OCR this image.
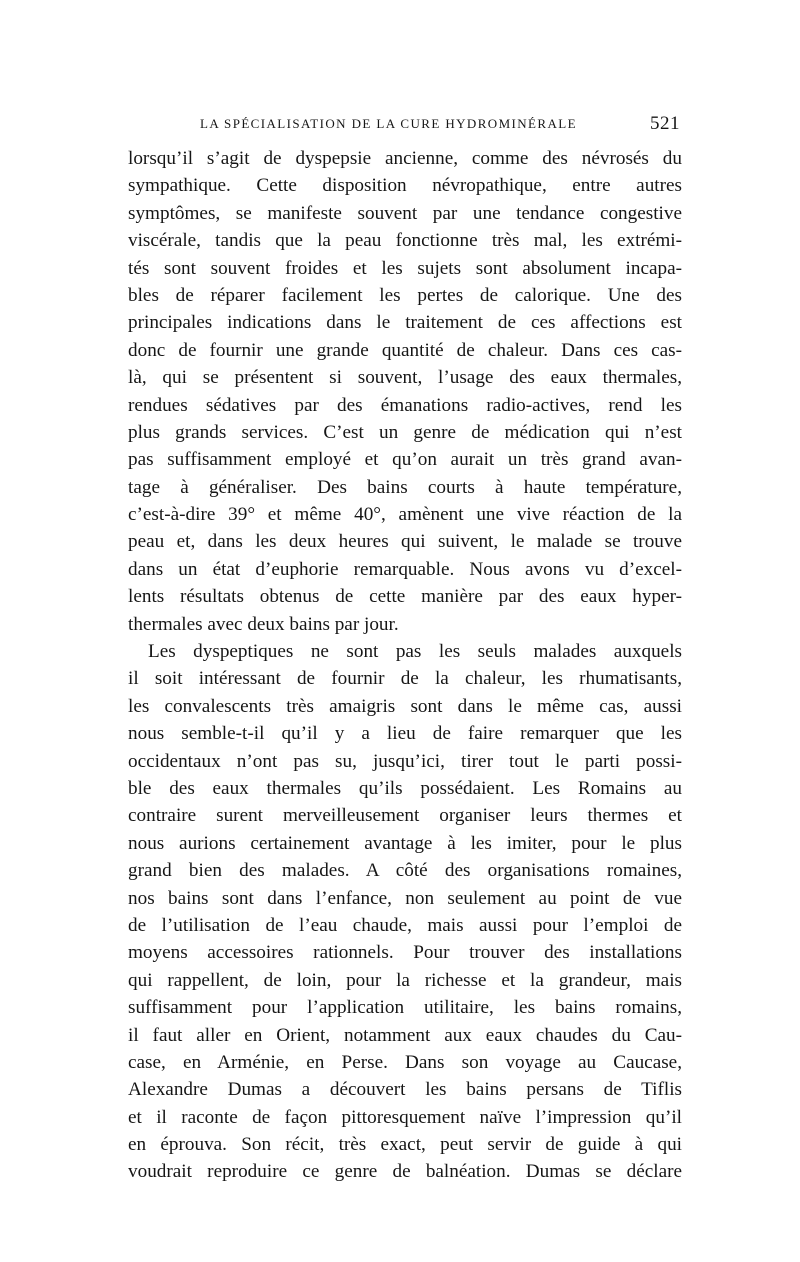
LA SPÉCIALISATION DE LA CURE HYDROMINÉRALE	521
lorsqu’il s’agit de dyspepsie ancienne, comme des névrosés du
sympathique. Cette disposition névropathique, entre autres
symptômes, se manifeste souvent par une tendance congestive
viscérale, tandis que la peau fonctionne très mal, les extrémi-
tés sont souvent froides et les sujets sont absolument incapa-
bles de réparer facilement les pertes de calorique. Une des
principales indications dans le traitement de ces affections est
donc de fournir une grande quantité de chaleur. Dans ces cas-
là, qui se présentent si souvent, l’usage des eaux thermales,
rendues sédatives par des émanations radio-actives, rend les
plus grands services. C’est un genre de médication qui n’est
pas suffisamment employé et qu’on aurait un très grand avan-
tage à généraliser. Des bains courts à haute température,
c’est-à-dire 39° et même 40°, amènent une vive réaction de la
peau et, dans les deux heures qui suivent, le malade se trouve
dans un état d’euphorie remarquable. Nous avons vu d’excel-
lents résultats obtenus de cette manière par des eaux hyper-
thermales avec deux bains par jour.
Les dyspeptiques ne sont pas les seuls malades auxquels
il soit intéressant de fournir de la chaleur, les rhumatisants,
les convalescents très amaigris sont dans le même cas, aussi
nous semble-t-il qu’il y a lieu de faire remarquer que les
occidentaux n’ont pas su, jusqu’ici, tirer tout le parti possi-
ble des eaux thermales qu’ils possédaient. Les Romains au
contraire surent merveilleusement organiser leurs thermes et
nous aurions certainement avantage à les imiter, pour le plus
grand bien des malades. A côté des organisations romaines,
nos bains sont dans l’enfance, non seulement au point de vue
de l’utilisation de l’eau chaude, mais aussi pour l’emploi de
moyens accessoires rationnels. Pour trouver des installations
qui rappellent, de loin, pour la richesse et la grandeur, mais
suffisamment pour l’application utilitaire, les bains romains,
il faut aller en Orient, notamment aux eaux chaudes du Cau-
case, en Arménie, en Perse. Dans son voyage au Caucase,
Alexandre Dumas a découvert les bains persans de Tiflis
et il raconte de façon pittoresquement naïve l’impression qu’il
en éprouva. Son récit, très exact, peut servir de guide à qui
voudrait reproduire ce genre de balnéation. Dumas se déclare
